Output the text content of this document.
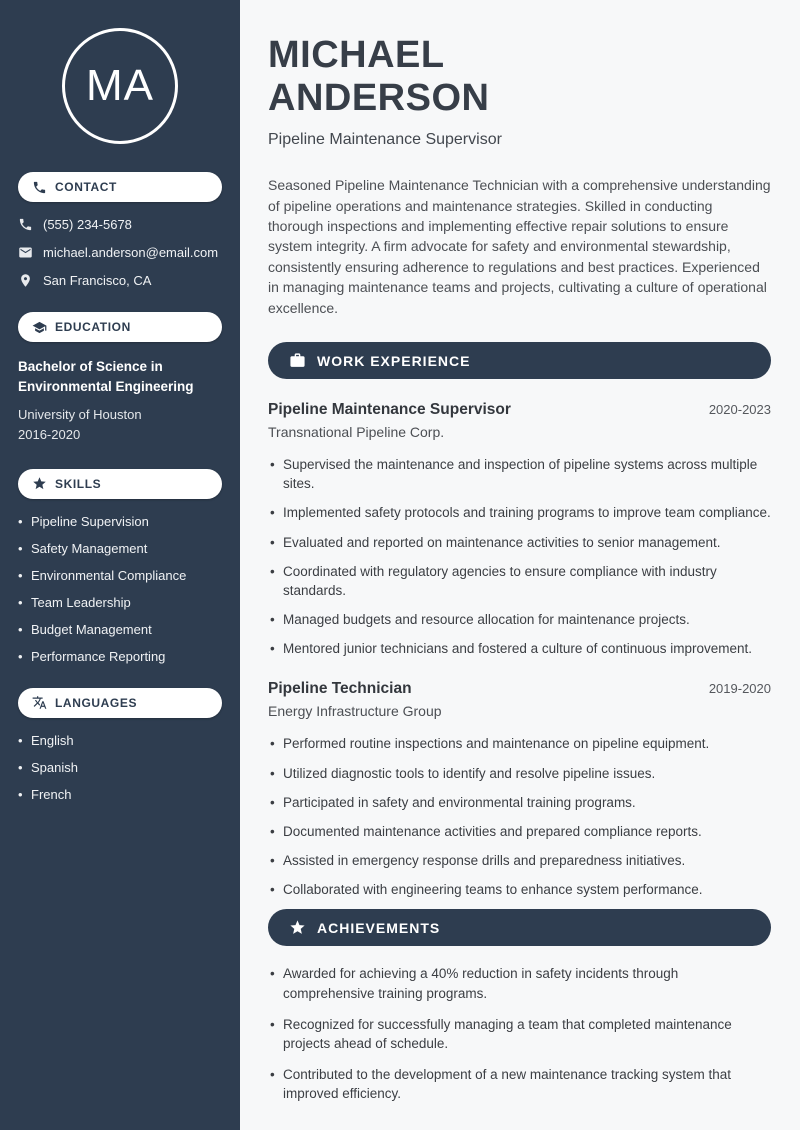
MA
CONTACT
(555) 234-5678
michael.anderson@email.com
San Francisco, CA
EDUCATION
Bachelor of Science in Environmental Engineering
University of Houston
2016-2020
SKILLS
• Pipeline Supervision
• Safety Management
• Environmental Compliance
• Team Leadership
• Budget Management
• Performance Reporting
LANGUAGES
• English
• Spanish
• French
MICHAEL
ANDERSON
Pipeline Maintenance Supervisor

Seasoned Pipeline Maintenance Technician with a comprehensive understanding of pipeline operations and maintenance strategies. Skilled in conducting thorough inspections and implementing effective repair solutions to ensure system integrity. A firm advocate for safety and environmental stewardship, consistently ensuring adherence to regulations and best practices. Experienced in managing maintenance teams and projects, cultivating a culture of operational excellence.

WORK EXPERIENCE
Pipeline Maintenance Supervisor	2020-2023
Transnational Pipeline Corp.
• Supervised the maintenance and inspection of pipeline systems across multiple sites.
• Implemented safety protocols and training programs to improve team compliance.
• Evaluated and reported on maintenance activities to senior management.
• Coordinated with regulatory agencies to ensure compliance with industry standards.
• Managed budgets and resource allocation for maintenance projects.
• Mentored junior technicians and fostered a culture of continuous improvement.
Pipeline Technician	2019-2020
Energy Infrastructure Group
• Performed routine inspections and maintenance on pipeline equipment.
• Utilized diagnostic tools to identify and resolve pipeline issues.
• Participated in safety and environmental training programs.
• Documented maintenance activities and prepared compliance reports.
• Assisted in emergency response drills and preparedness initiatives.
• Collaborated with engineering teams to enhance system performance.
ACHIEVEMENTS
• Awarded for achieving a 40% reduction in safety incidents through comprehensive training programs.
• Recognized for successfully managing a team that completed maintenance projects ahead of schedule.
• Contributed to the development of a new maintenance tracking system that improved efficiency.
